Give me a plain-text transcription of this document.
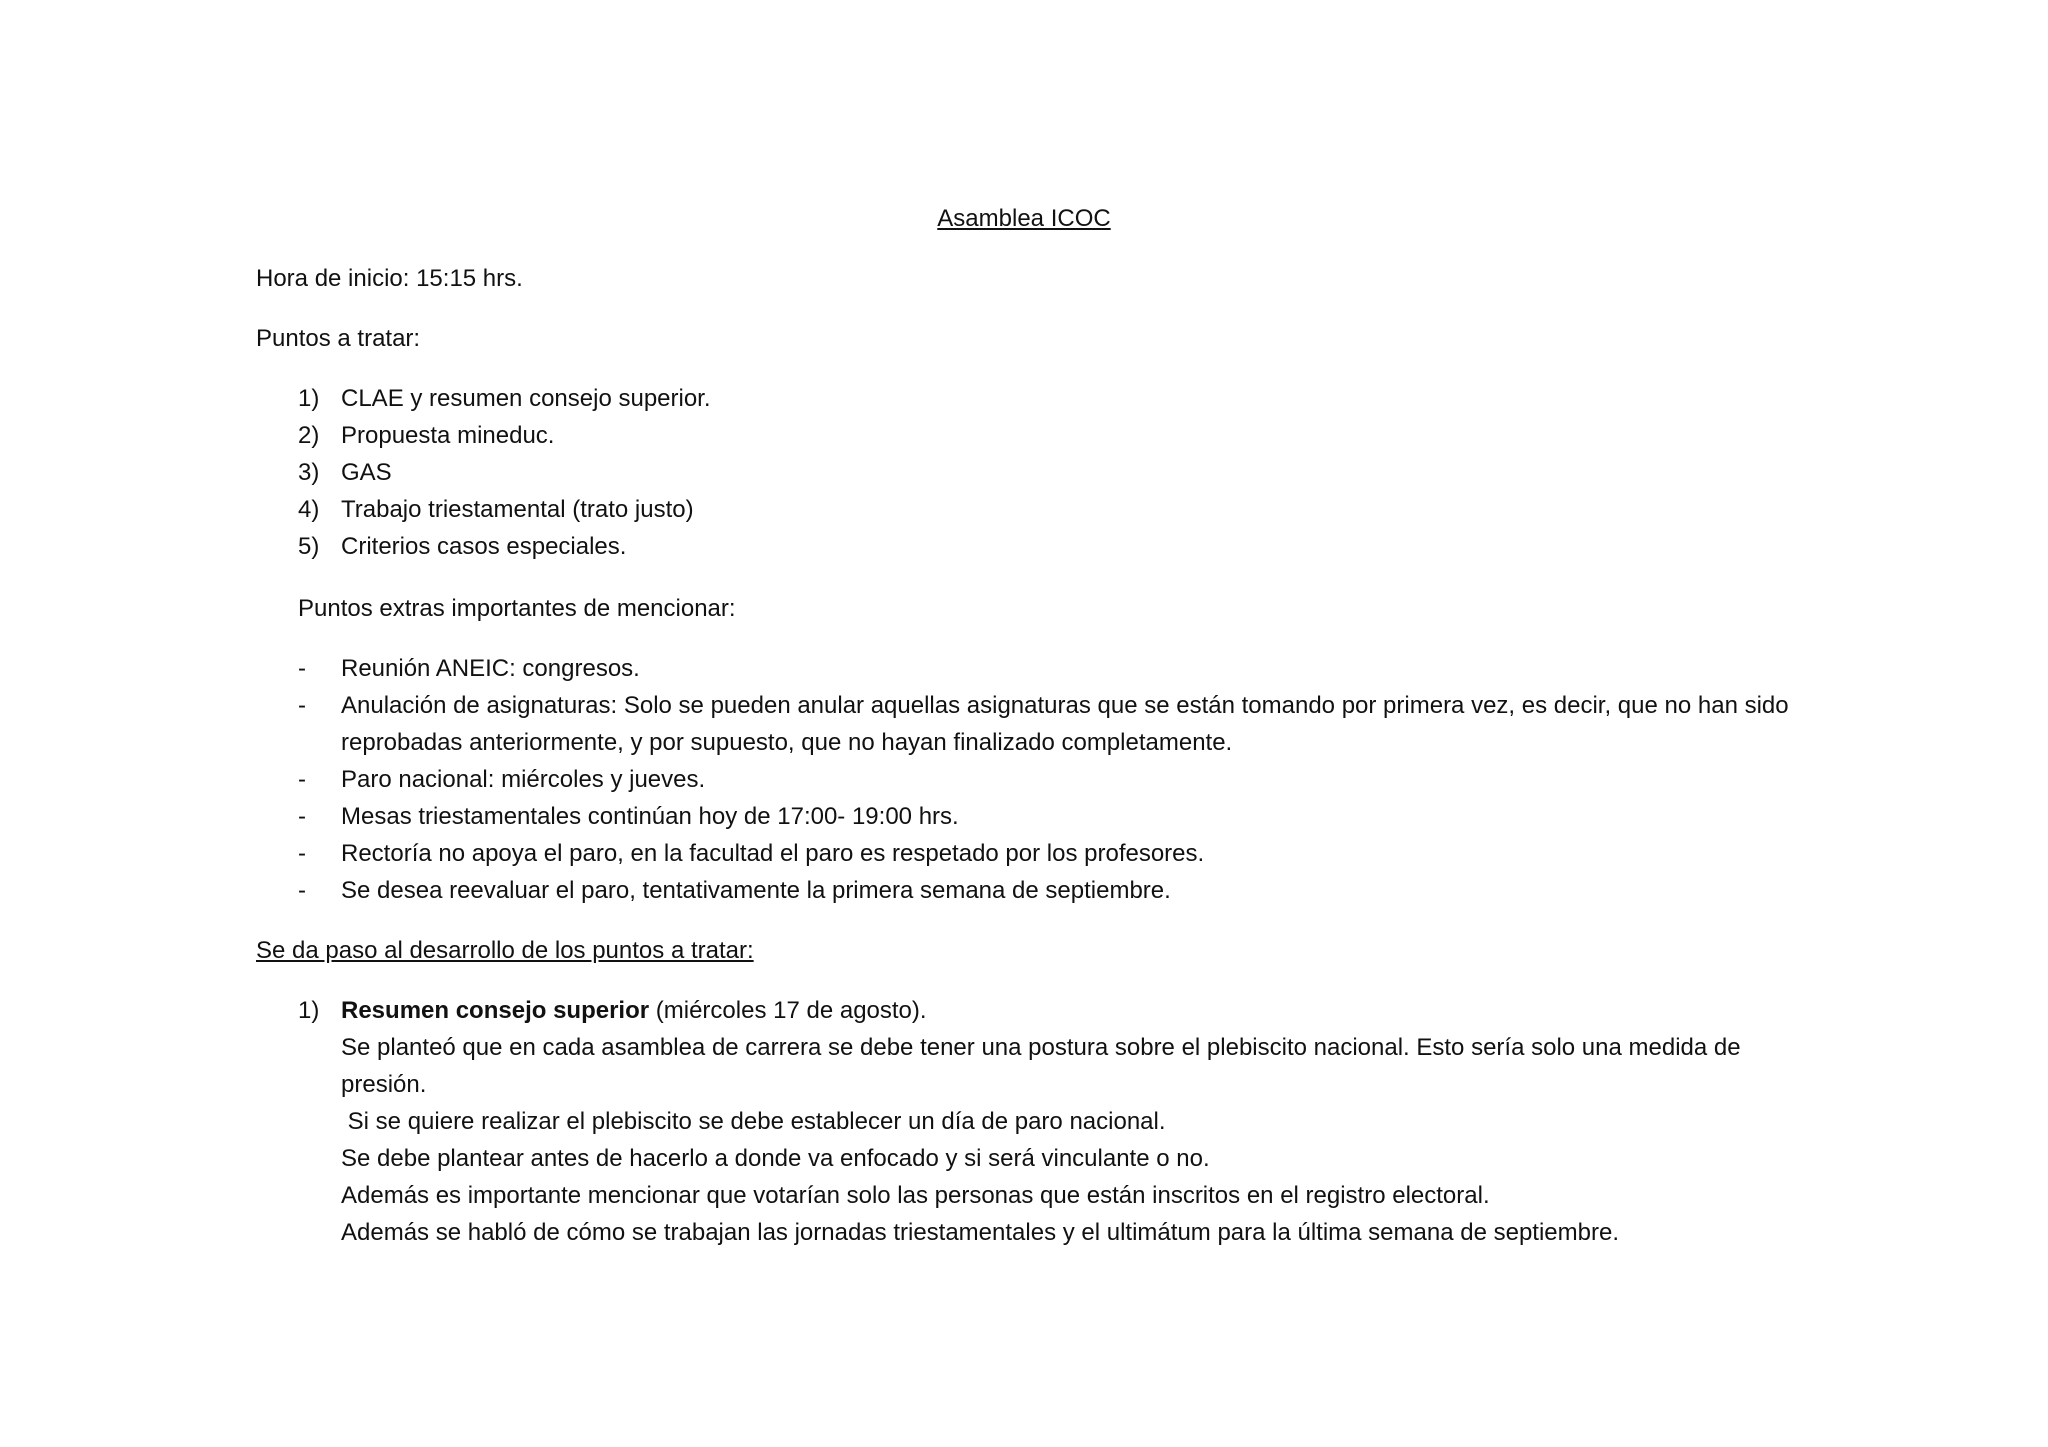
Asamblea ICOC
Hora de inicio: 15:15 hrs.
Puntos a tratar:
1) CLAE y resumen consejo superior.
2) Propuesta mineduc.
3) GAS
4) Trabajo triestamental (trato justo)
5) Criterios casos especiales.
Puntos extras importantes de mencionar:
- Reunión ANEIC: congresos.
- Anulación de asignaturas: Solo se pueden anular aquellas asignaturas que se están tomando por primera vez, es decir, que no han sido reprobadas anteriormente, y por supuesto, que no hayan finalizado completamente.
- Paro nacional: miércoles y jueves.
- Mesas triestamentales continúan hoy de 17:00- 19:00 hrs.
- Rectoría no apoya el paro, en la facultad el paro es respetado por los profesores.
- Se desea reevaluar el paro, tentativamente la primera semana de septiembre.
Se da paso al desarrollo de los puntos a tratar:
1) Resumen consejo superior (miércoles 17 de agosto).

Se planteó que en cada asamblea de carrera se debe tener una postura sobre el plebiscito nacional. Esto sería solo una medida de presión.

Si se quiere realizar el plebiscito se debe establecer un día de paro nacional.

Se debe plantear antes de hacerlo a donde va enfocado y si será vinculante o no.

Además es importante mencionar que votarían solo las personas que están inscritos en el registro electoral.

Además se habló de cómo se trabajan las jornadas triestamentales y el ultimátum para la última semana de septiembre.
